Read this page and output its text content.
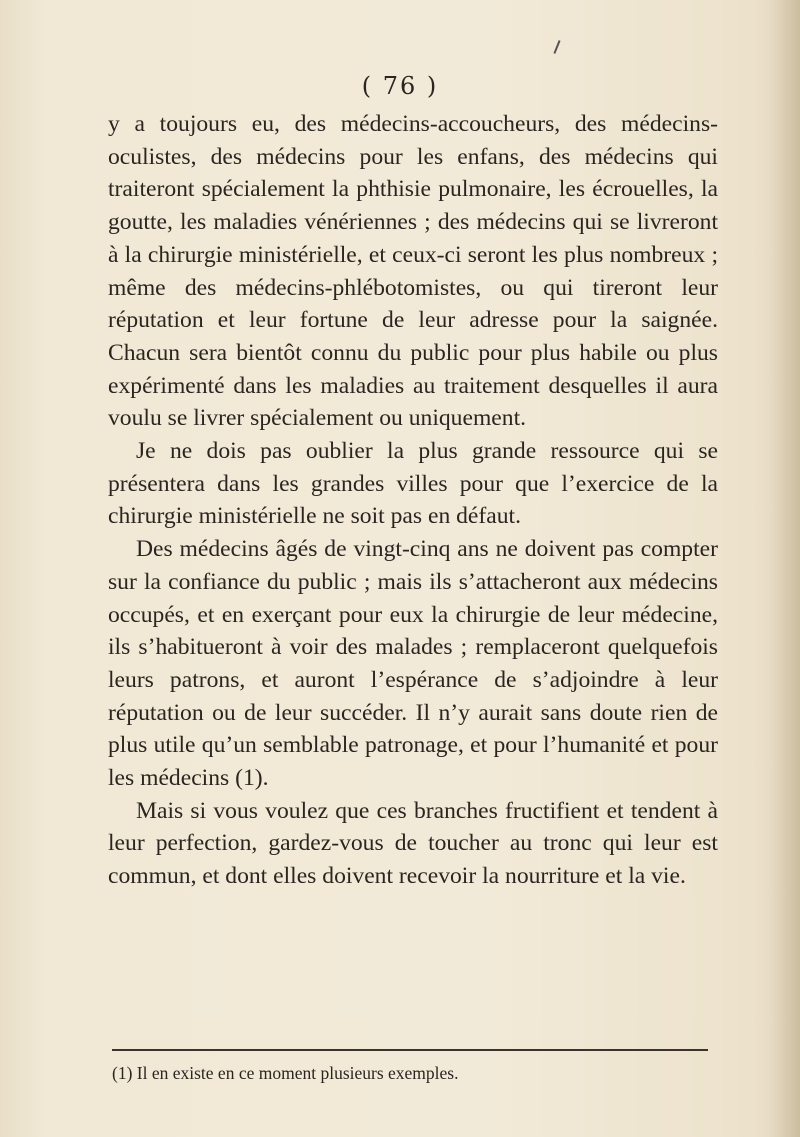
( 76 )

y a toujours eu, des médecins-accoucheurs, des médecins-oculistes, des médecins pour les enfans, des médecins qui traiteront spécialement la phthisie pulmonaire, les écrouelles, la goutte, les maladies vénériennes ; des médecins qui se livreront à la chirurgie ministérielle, et ceux-ci seront les plus nombreux ; même des médecins-phlébotomistes, ou qui tireront leur réputation et leur fortune de leur adresse pour la saignée. Chacun sera bientôt connu du public pour plus habile ou plus expérimenté dans les maladies au traitement desquelles il aura voulu se livrer spécialement ou uniquement.

Je ne dois pas oublier la plus grande ressource qui se présentera dans les grandes villes pour que l’exercice de la chirurgie ministérielle ne soit pas en défaut.

Des médecins âgés de vingt-cinq ans ne doivent pas compter sur la confiance du public ; mais ils s’attacheront aux médecins occupés, et en exerçant pour eux la chirurgie de leur médecine, ils s’habitueront à voir des malades ; remplaceront quelquefois leurs patrons, et auront l’espérance de s’adjoindre à leur réputation ou de leur succéder. Il n’y aurait sans doute rien de plus utile qu’un semblable patronage, et pour l’humanité et pour les médecins (1).

Mais si vous voulez que ces branches fructifient et tendent à leur perfection, gardez-vous de toucher au tronc qui leur est commun, et dont elles doivent recevoir la nourriture et la vie.

(1) Il en existe en ce moment plusieurs exemples.
